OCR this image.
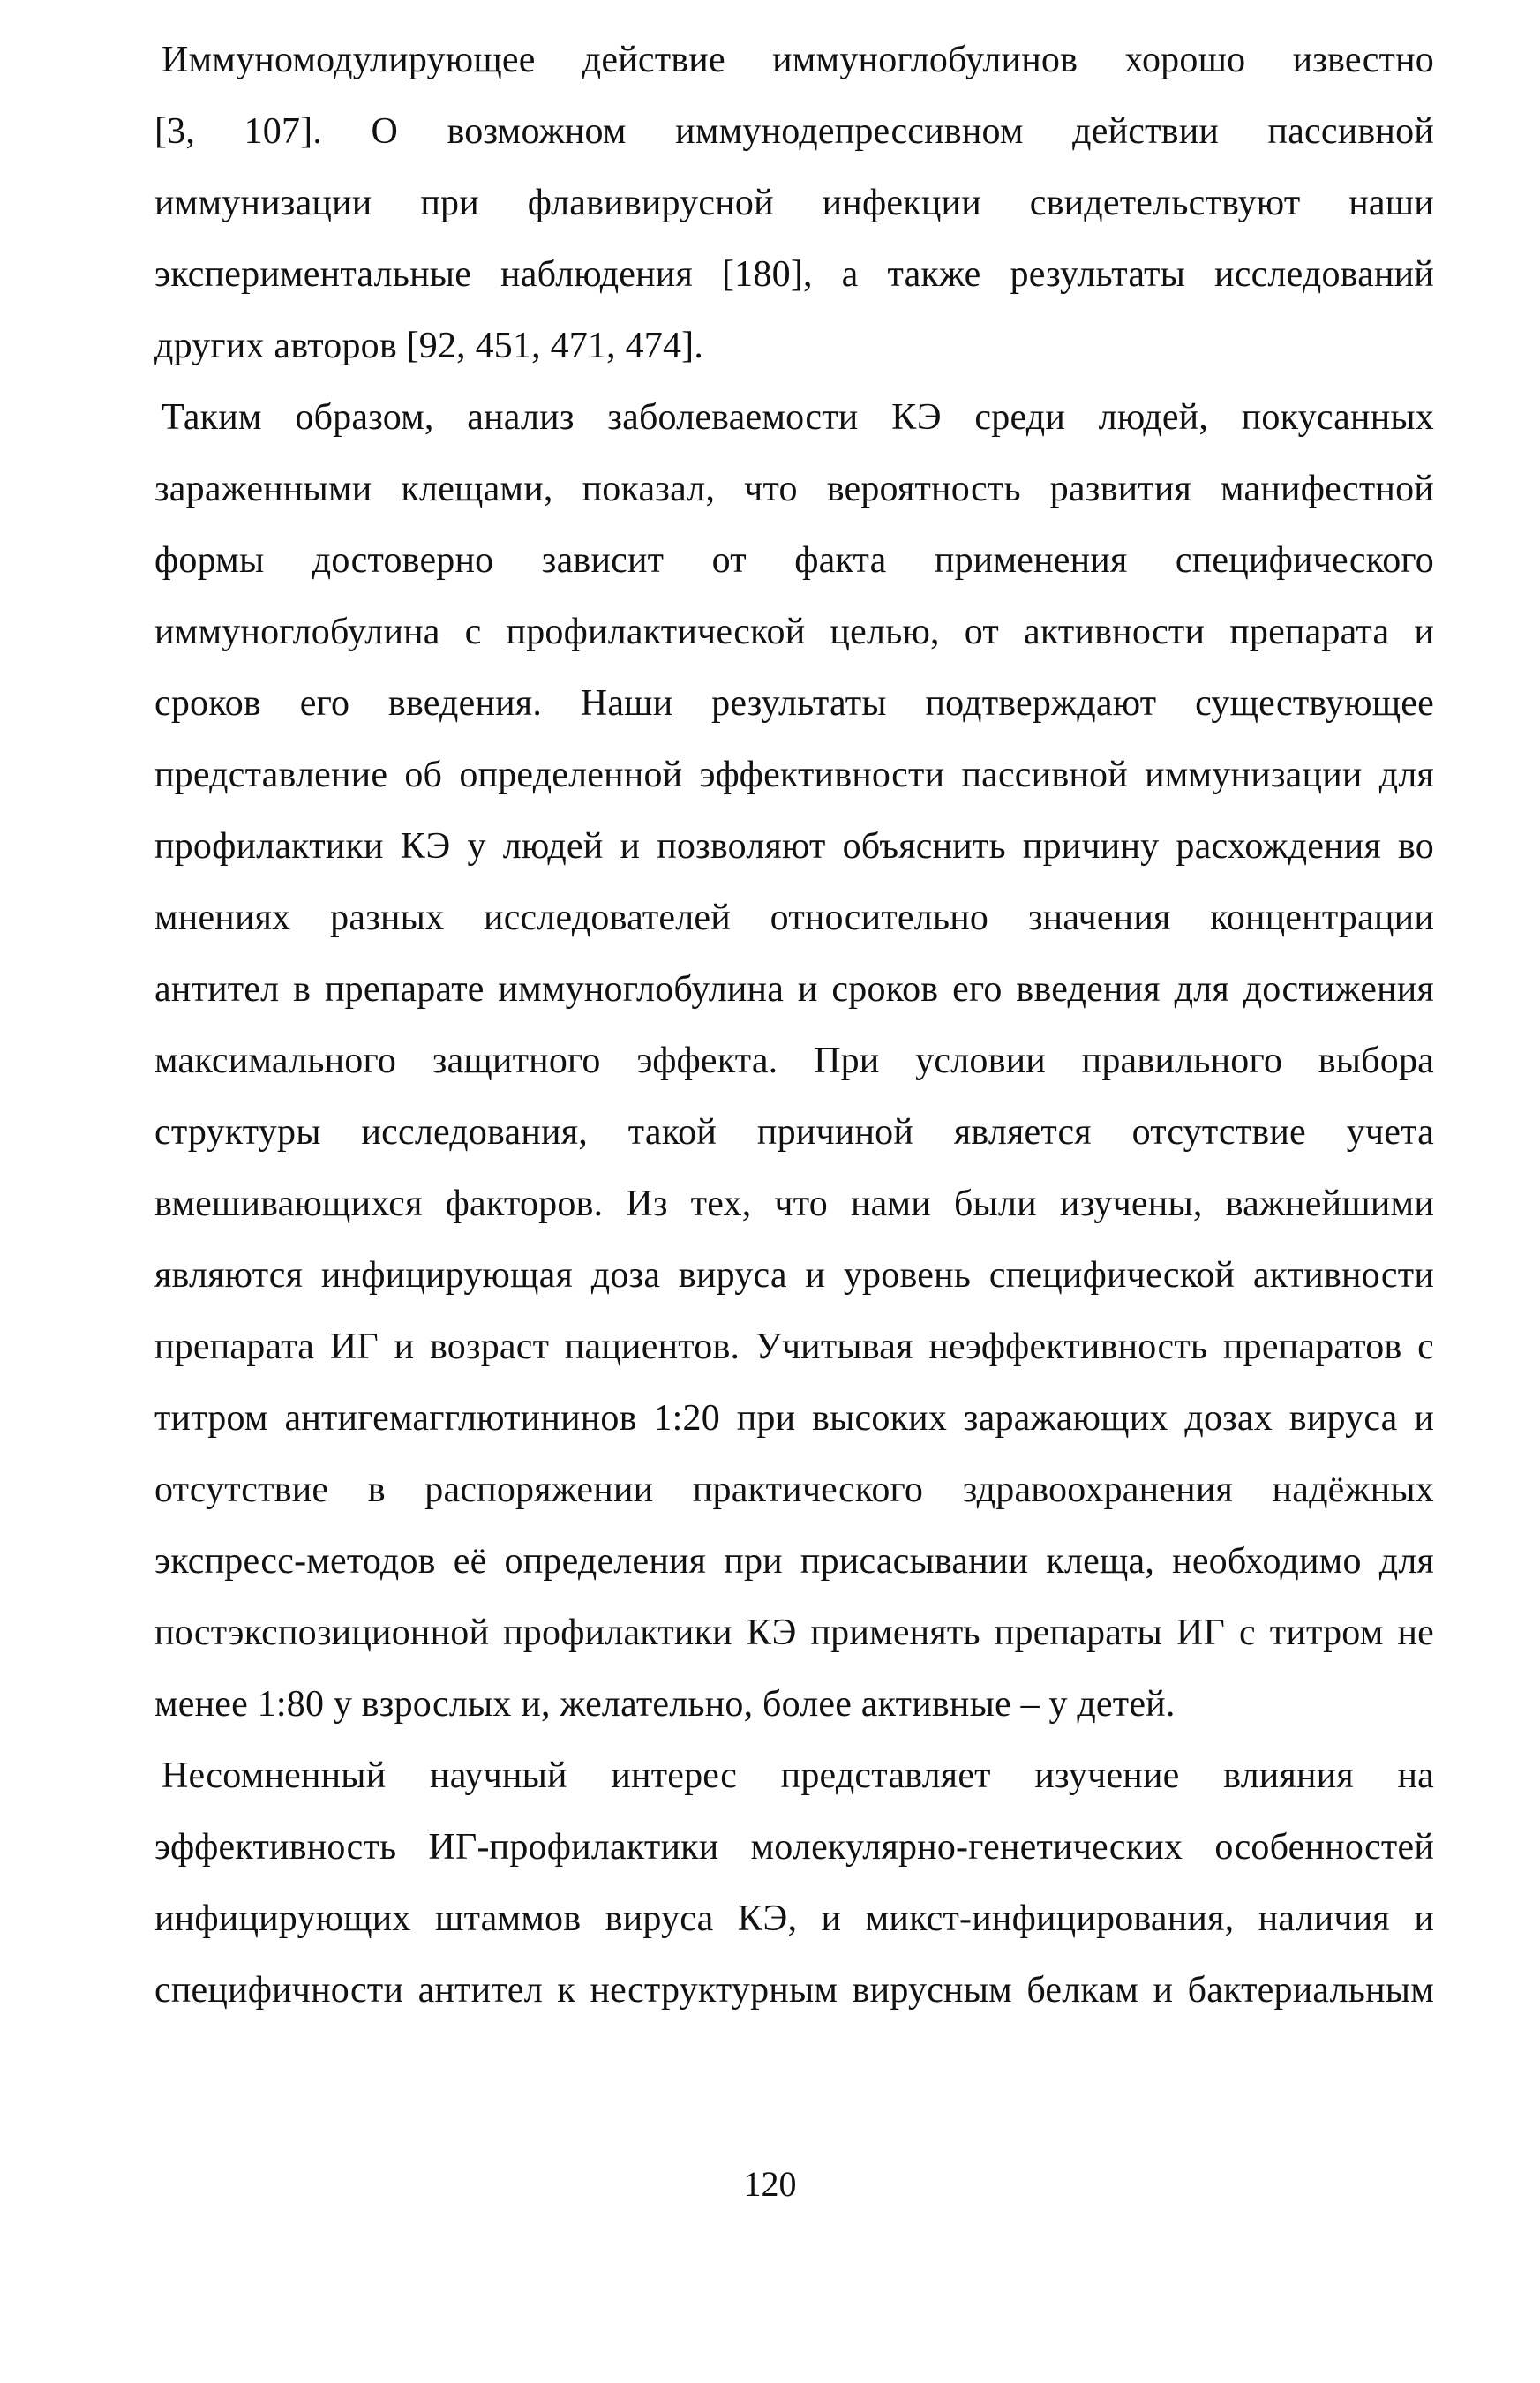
Иммуномодулирующее действие иммуноглобулинов хорошо известно
[3, 107]. О возможном иммунодепрессивном действии пассивной
иммунизации при флавивирусной инфекции свидетельствуют наши
экспериментальные наблюдения [180], а также результаты исследований
других авторов [92, 451, 471, 474].
Таким образом, анализ заболеваемости КЭ среди людей, покусанных
зараженными клещами, показал, что вероятность развития манифестной
формы достоверно зависит от факта применения специфического
иммуноглобулина с профилактической целью, от активности препарата и
сроков его введения. Наши результаты подтверждают существующее
представление об определенной эффективности пассивной иммунизации для
профилактики КЭ у людей и позволяют объяснить причину расхождения во
мнениях разных исследователей относительно значения концентрации
антител в препарате иммуноглобулина и сроков его введения для достижения
максимального защитного эффекта. При условии правильного выбора
структуры исследования, такой причиной является отсутствие учета
вмешивающихся факторов. Из тех, что нами были изучены, важнейшими
являются инфицирующая доза вируса и уровень специфической активности
препарата ИГ и возраст пациентов. Учитывая неэффективность препаратов с
титром антигемагглютининов 1:20 при высоких заражающих дозах вируса и
отсутствие в распоряжении практического здравоохранения надёжных
экспресс-методов её определения при присасывании клеща, необходимо для
постэкспозиционной профилактики КЭ применять препараты ИГ с титром не
менее 1:80 у взрослых и, желательно, более активные – у детей.
Несомненный научный интерес представляет изучение влияния на
эффективность ИГ-профилактики молекулярно-генетических особенностей
инфицирующих штаммов вируса КЭ, и микст-инфицирования, наличия и
специфичности антител к неструктурным вирусным белкам и бактериальным
120
